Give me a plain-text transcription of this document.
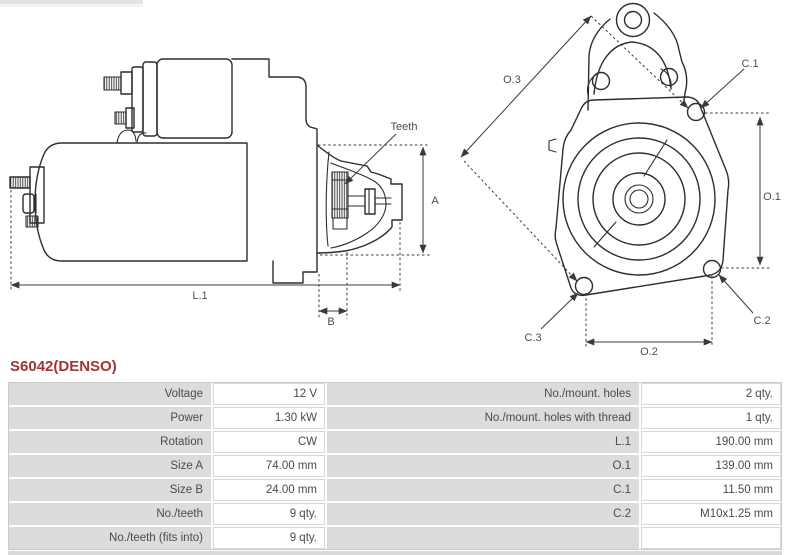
L.1
B
A
Teeth
O.3
C.1
O.1
C.2
C.3
O.2
S6042(DENSO)
Voltage	12 V	No./mount. holes	2 qty.
Power	1.30 kW	No./mount. holes with thread	1 qty.
Rotation	CW	L.1	190.00 mm
Size A	74.00 mm	O.1	139.00 mm
Size B	24.00 mm	C.1	11.50 mm
No./teeth	9 qty.	C.2	M10x1.25 mm
No./teeth (fits into)	9 qty.
